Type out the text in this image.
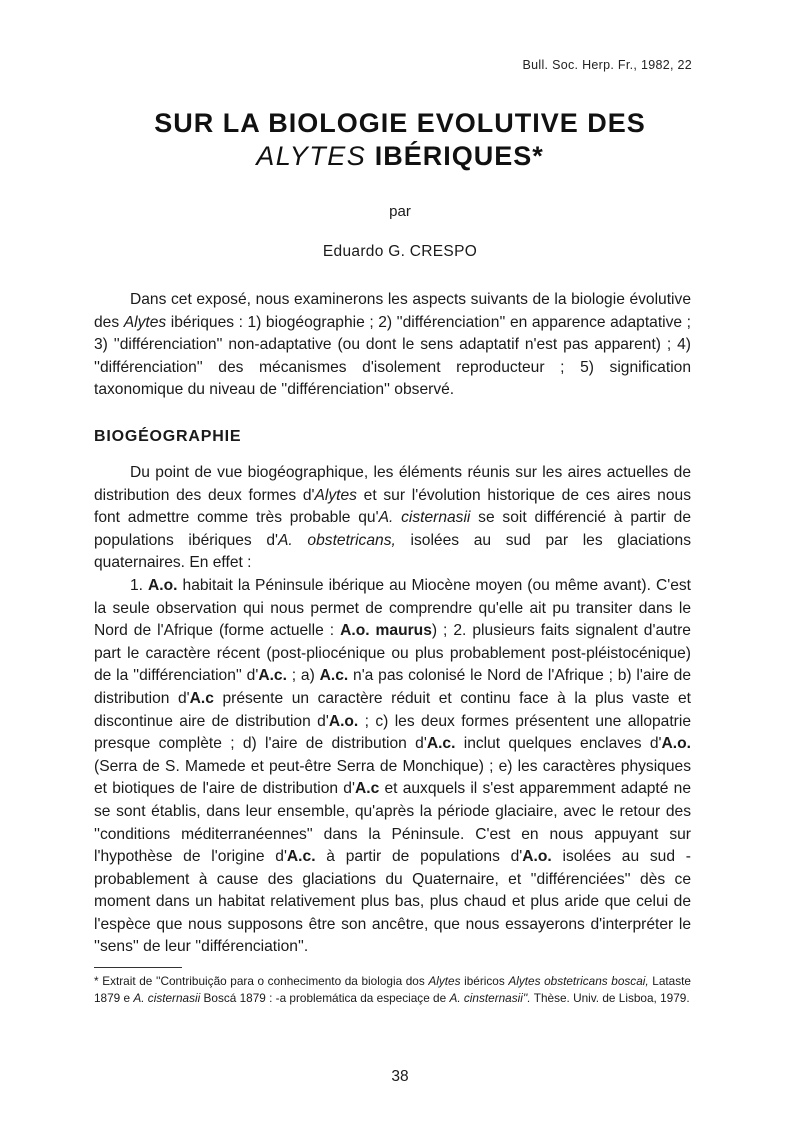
Bull. Soc. Herp. Fr., 1982, 22
SUR LA BIOLOGIE EVOLUTIVE DES
ALYTES IBÉRIQUES*
par
Eduardo G. CRESPO

Dans cet exposé, nous examinerons les aspects suivants de la biologie évolutive des Alytes ibériques : 1) biogéographie ; 2) ''différenciation'' en apparence adaptative ; 3) ''différenciation'' non-adaptative (ou dont le sens adaptatif n'est pas apparent) ; 4) ''différenciation'' des mécanismes d'isolement reproducteur ; 5) signification taxonomique du niveau de ''différenciation'' observé.

BIOGÉOGRAPHIE

Du point de vue biogéographique, les éléments réunis sur les aires actuelles de distribution des deux formes d'Alytes et sur l'évolution historique de ces aires nous font admettre comme très probable qu'A. cisternasii se soit différencié à partir de populations ibériques d'A. obstetricans, isolées au sud par les glaciations quaternaires. En effet :

1. A.o. habitait la Péninsule ibérique au Miocène moyen (ou même avant). C'est la seule observation qui nous permet de comprendre qu'elle ait pu transiter dans le Nord de l'Afrique (forme actuelle : A.o. maurus) ; 2. plusieurs faits signalent d'autre part le caractère récent (post-pliocénique ou plus probablement post-pléistocénique) de la ''différenciation'' d'A.c. ; a) A.c. n'a pas colonisé le Nord de l'Afrique ; b) l'aire de distribution d'A.c présente un caractère réduit et continu face à la plus vaste et discontinue aire de distribution d'A.o. ; c) les deux formes présentent une allopatrie presque complète ; d) l'aire de distribution d'A.c. inclut quelques enclaves d'A.o. (Serra de S. Mamede et peut-être Serra de Monchique) ; e) les caractères physiques et biotiques de l'aire de distribution d'A.c et auxquels il s'est apparemment adapté ne se sont établis, dans leur ensemble, qu'après la période glaciaire, avec le retour des ''conditions méditerranéennes'' dans la Péninsule. C'est en nous appuyant sur l'hypothèse de l'origine d'A.c. à partir de populations d'A.o. isolées au sud - probablement à cause des glaciations du Quaternaire, et ''différenciées'' dès ce moment dans un habitat relativement plus bas, plus chaud et plus aride que celui de l'espèce que nous supposons être son ancêtre, que nous essayerons d'interpréter le ''sens'' de leur ''différenciation''.

* Extrait de ''Contribuição para o conhecimento da biologia dos Alytes ibéricos Alytes obstetricans boscai, Lataste 1879 e A. cisternasii Boscá 1879 : -a problemática da especiaçe de A. cinsternasii''. Thèse. Univ. de Lisboa, 1979.
38
